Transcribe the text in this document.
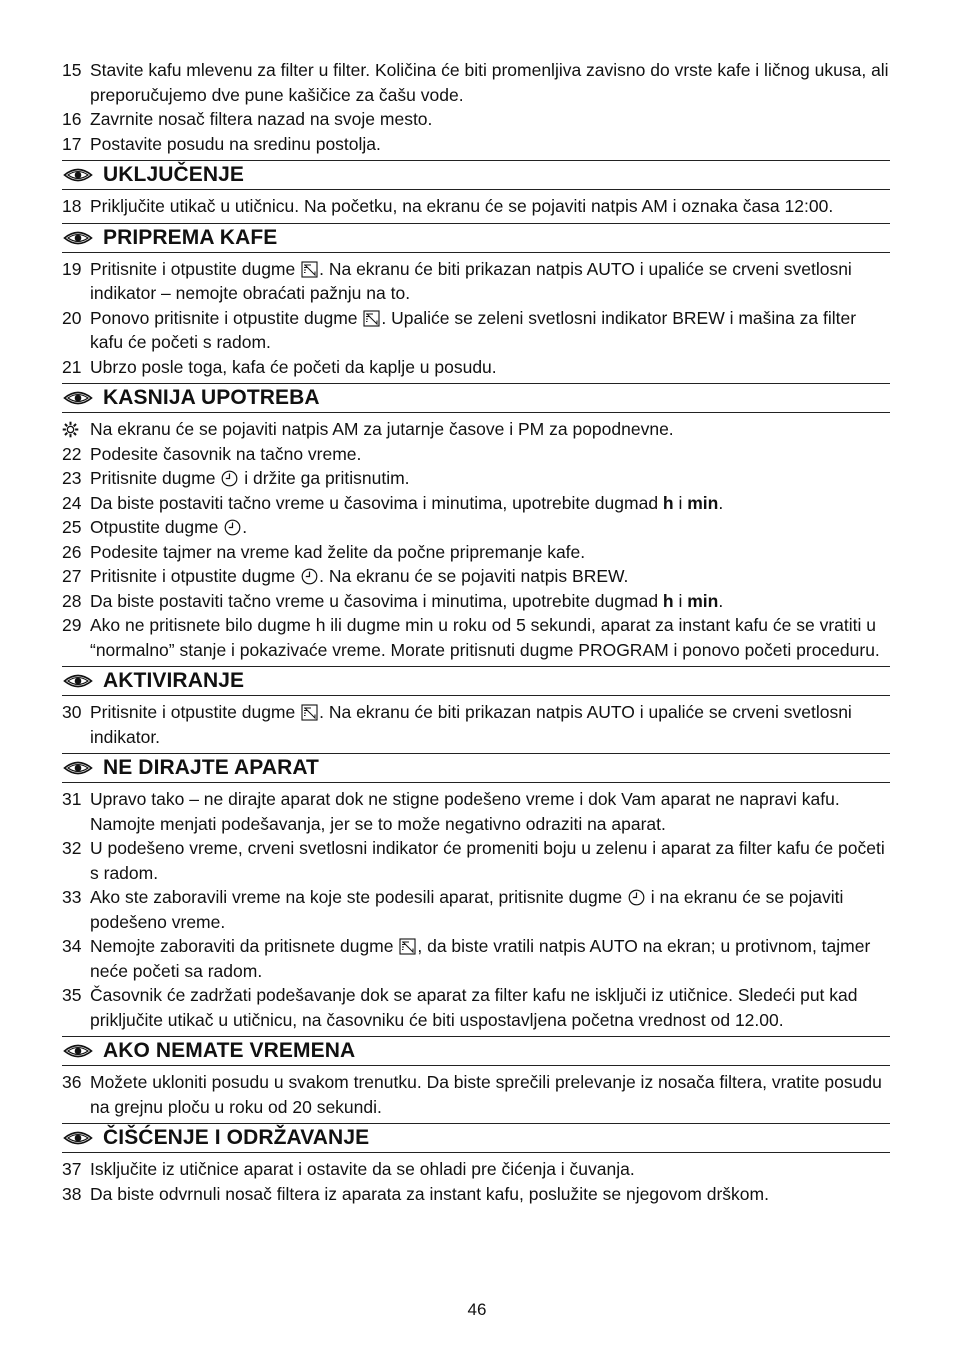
15 Stavite kafu mlevenu za filter u filter. Količina će biti promenljiva zavisno do vrste kafe i ličnog ukusa, ali preporučujemo dve pune kašičice za čašu vode.
16 Zavrnite nosač filtera nazad na svoje mesto.
17 Postavite posudu na sredinu postolja.
UKLJUČENJE
18 Priključite utikač u utičnicu. Na početku, na ekranu će se pojaviti natpis AM i oznaka časa 12:00.
PRIPREMA KAFE
19 Pritisnite i otpustite dugme . Na ekranu će biti prikazan natpis AUTO i upaliće se crveni svetlosni indikator – nemojte obraćati pažnju na to.
20 Ponovo pritisnite i otpustite dugme . Upaliće se zeleni svetlosni indikator BREW i mašina za filter kafu će početi s radom.
21 Ubrzo posle toga, kafa će početi da kaplje u posudu.
KASNIJA UPOTREBA
Na ekranu će se pojaviti natpis AM za jutarnje časove i PM za popodnevne.
22 Podesite časovnik na tačno vreme.
23 Pritisnite dugme  i držite ga pritisnutim.
24 Da biste postaviti tačno vreme u časovima i minutima, upotrebite dugmad h i min.
25 Otpustite dugme .
26 Podesite tajmer na vreme kad želite da počne pripremanje kafe.
27 Pritisnite i otpustite dugme . Na ekranu će se pojaviti natpis BREW.
28 Da biste postaviti tačno vreme u časovima i minutima, upotrebite dugmad h i min.
29 Ako ne pritisnete bilo dugme h ili dugme min u roku od 5 sekundi, aparat za instant kafu će se vratiti u “normalno” stanje i pokazivaće vreme. Morate pritisnuti dugme PROGRAM i ponovo početi proceduru.
AKTIVIRANJE
30 Pritisnite i otpustite dugme . Na ekranu će biti prikazan natpis AUTO i upaliće se crveni svetlosni indikator.
NE DIRAJTE APARAT
31 Upravo tako – ne dirajte aparat dok ne stigne podešeno vreme i dok Vam aparat ne napravi kafu. Namojte menjati podešavanja, jer se to može negativno odraziti na aparat.
32 U podešeno vreme, crveni svetlosni indikator će promeniti boju u zelenu i aparat za filter kafu će početi s radom.
33 Ako ste zaboravili vreme na koje ste podesili aparat, pritisnite dugme  i na ekranu će se pojaviti podešeno vreme.
34 Nemojte zaboraviti da pritisnete dugme , da biste vratili natpis AUTO na ekran; u protivnom, tajmer neće početi sa radom.
35 Časovnik će zadržati podešavanje dok se aparat za filter kafu ne isključi iz utičnice. Sledeći put kad priključite utikač u utičnicu, na časovniku će biti uspostavljena početna vrednost od 12.00.
AKO NEMATE VREMENA
36 Možete ukloniti posudu u svakom trenutku. Da biste sprečili prelevanje iz nosača filtera, vratite posudu na grejnu ploču u roku od 20 sekundi.
ČIŠĆENJE I ODRŽAVANJE
37 Isključite iz utičnice aparat i ostavite da se ohladi pre čićenja i čuvanja.
38 Da biste odvrnuli nosač filtera iz aparata za instant kafu, poslužite se njegovom drškom.
46
